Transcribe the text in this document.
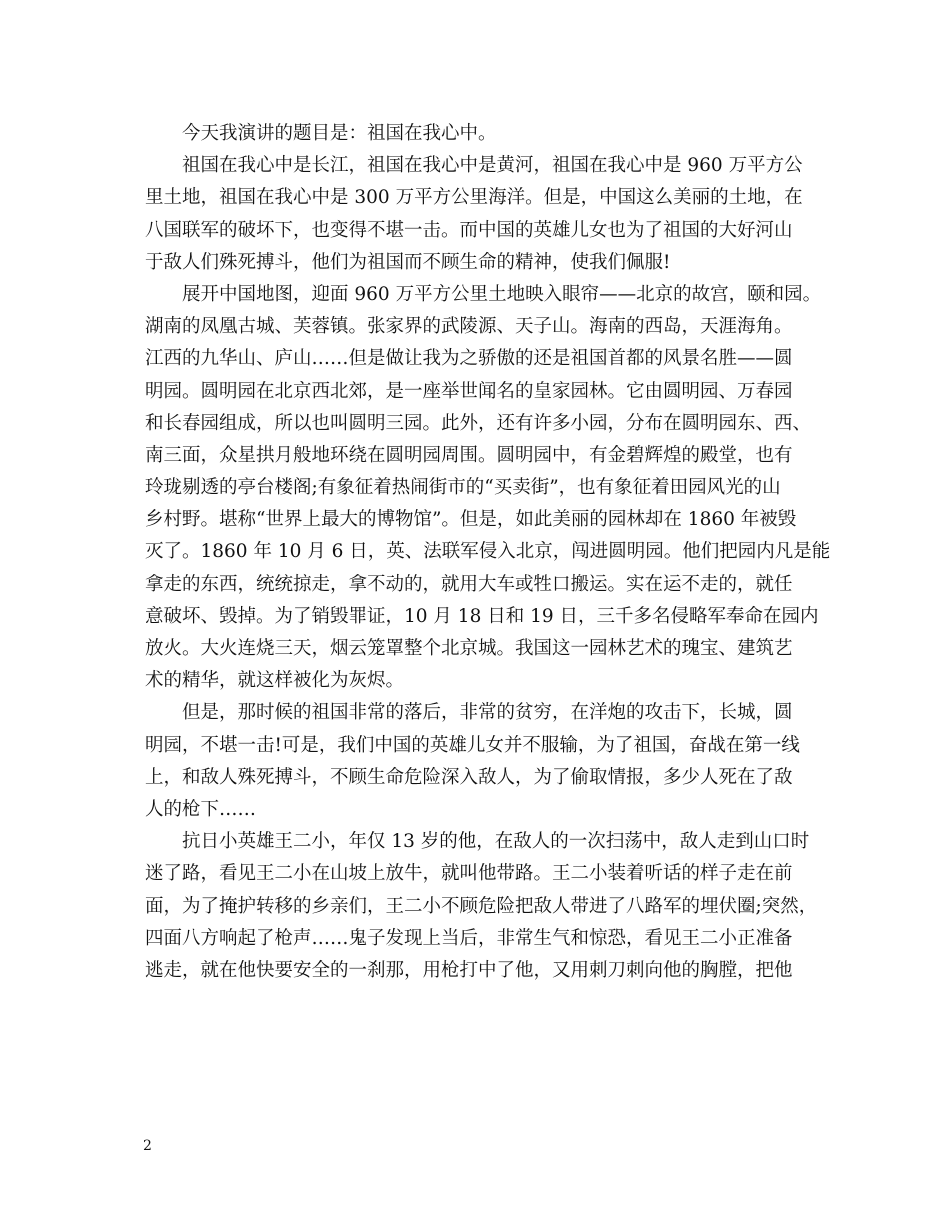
今天我演讲的题目是：祖国在我心中。
祖国在我心中是长江，祖国在我心中是黄河，祖国在我心中是 960 万平方公
里土地，祖国在我心中是 300 万平方公里海洋。但是，中国这么美丽的土地，在
八国联军的破坏下，也变得不堪一击。而中国的英雄儿女也为了祖国的大好河山
于敌人们殊死搏斗，他们为祖国而不顾生命的精神，使我们佩服!
展开中国地图，迎面 960 万平方公里土地映入眼帘——北京的故宫，颐和园。
湖南的凤凰古城、芙蓉镇。张家界的武陵源、天子山。海南的西岛，天涯海角。
江西的九华山、庐山……但是做让我为之骄傲的还是祖国首都的风景名胜——圆
明园。圆明园在北京西北郊，是一座举世闻名的皇家园林。它由圆明园、万春园
和长春园组成，所以也叫圆明三园。此外，还有许多小园，分布在圆明园东、西、
南三面，众星拱月般地环绕在圆明园周围。圆明园中，有金碧辉煌的殿堂，也有
玲珑剔透的亭台楼阁;有象征着热闹街市的“买卖街”，也有象征着田园风光的山
乡村野。堪称“世界上最大的博物馆”。但是，如此美丽的园林却在 1860 年被毁
灭了。1860 年 10 月 6 日，英、法联军侵入北京，闯进圆明园。他们把园内凡是能
拿走的东西，统统掠走，拿不动的，就用大车或牲口搬运。实在运不走的，就任
意破坏、毁掉。为了销毁罪证，10 月 18 日和 19 日，三千多名侵略军奉命在园内
放火。大火连烧三天，烟云笼罩整个北京城。我国这一园林艺术的瑰宝、建筑艺
术的精华，就这样被化为灰烬。
但是，那时候的祖国非常的落后，非常的贫穷，在洋炮的攻击下，长城，圆
明园，不堪一击!可是，我们中国的英雄儿女并不服输，为了祖国，奋战在第一线
上，和敌人殊死搏斗，不顾生命危险深入敌人，为了偷取情报，多少人死在了敌
人的枪下……
抗日小英雄王二小，年仅 13 岁的他，在敌人的一次扫荡中，敌人走到山口时
迷了路，看见王二小在山坡上放牛，就叫他带路。王二小装着听话的样子走在前
面，为了掩护转移的乡亲们，王二小不顾危险把敌人带进了八路军的埋伏圈;突然，
四面八方响起了枪声……鬼子发现上当后，非常生气和惊恐，看见王二小正准备
逃走，就在他快要安全的一刹那，用枪打中了他，又用刺刀刺向他的胸膛，把他
2
